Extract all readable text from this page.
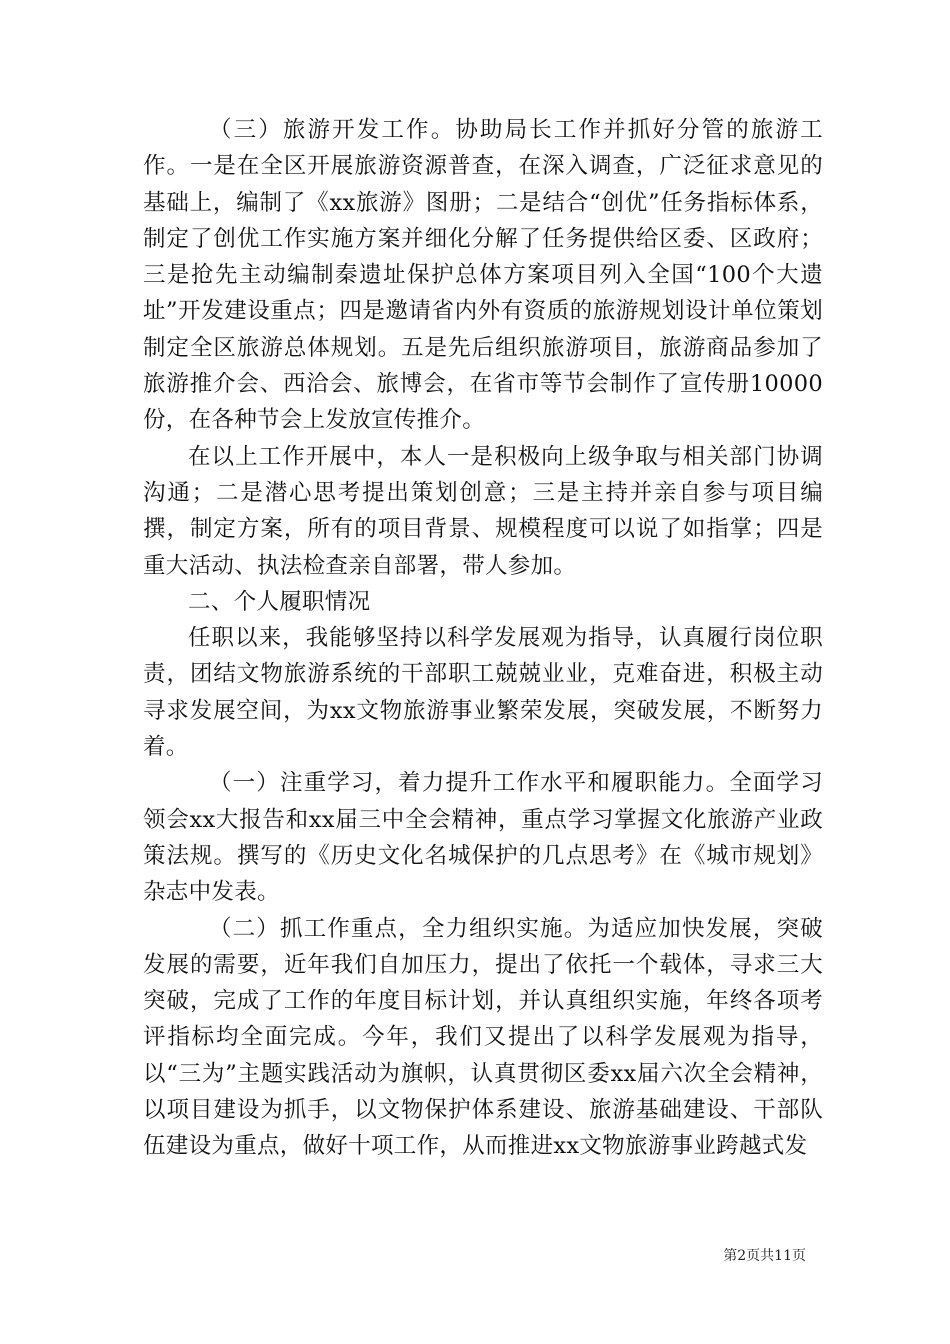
（三）旅游开发工作。协助局长工作并抓好分管的旅游工作。一是在全区开展旅游资源普查，在深入调查，广泛征求意见的基础上，编制了《xx旅游》图册；二是结合“创优”任务指标体系，制定了创优工作实施方案并细化分解了任务提供给区委、区政府；三是抢先主动编制秦遗址保护总体方案项目列入全国“100个大遗址”开发建设重点；四是邀请省内外有资质的旅游规划设计单位策划制定全区旅游总体规划。五是先后组织旅游项目，旅游商品参加了旅游推介会、西洽会、旅博会，在省市等节会制作了宣传册10000份，在各种节会上发放宣传推介。

在以上工作开展中，本人一是积极向上级争取与相关部门协调沟通；二是潜心思考提出策划创意；三是主持并亲自参与项目编撰，制定方案，所有的项目背景、规模程度可以说了如指掌；四是重大活动、执法检查亲自部署，带人参加。

二、个人履职情况

任职以来，我能够坚持以科学发展观为指导，认真履行岗位职责，团结文物旅游系统的干部职工兢兢业业，克难奋进，积极主动寻求发展空间，为xx文物旅游事业繁荣发展，突破发展，不断努力着。

（一）注重学习，着力提升工作水平和履职能力。全面学习领会xx大报告和xx届三中全会精神，重点学习掌握文化旅游产业政策法规。撰写的《历史文化名城保护的几点思考》在《城市规划》杂志中发表。

（二）抓工作重点，全力组织实施。为适应加快发展，突破发展的需要，近年我们自加压力，提出了依托一个载体，寻求三大突破，完成了工作的年度目标计划，并认真组织实施，年终各项考评指标均全面完成。今年，我们又提出了以科学发展观为指导，以“三为”主题实践活动为旗帜，认真贯彻区委xx届六次全会精神，以项目建设为抓手，以文物保护体系建设、旅游基础建设、干部队伍建设为重点，做好十项工作，从而推进xx文物旅游事业跨越式发

第2页共11页
